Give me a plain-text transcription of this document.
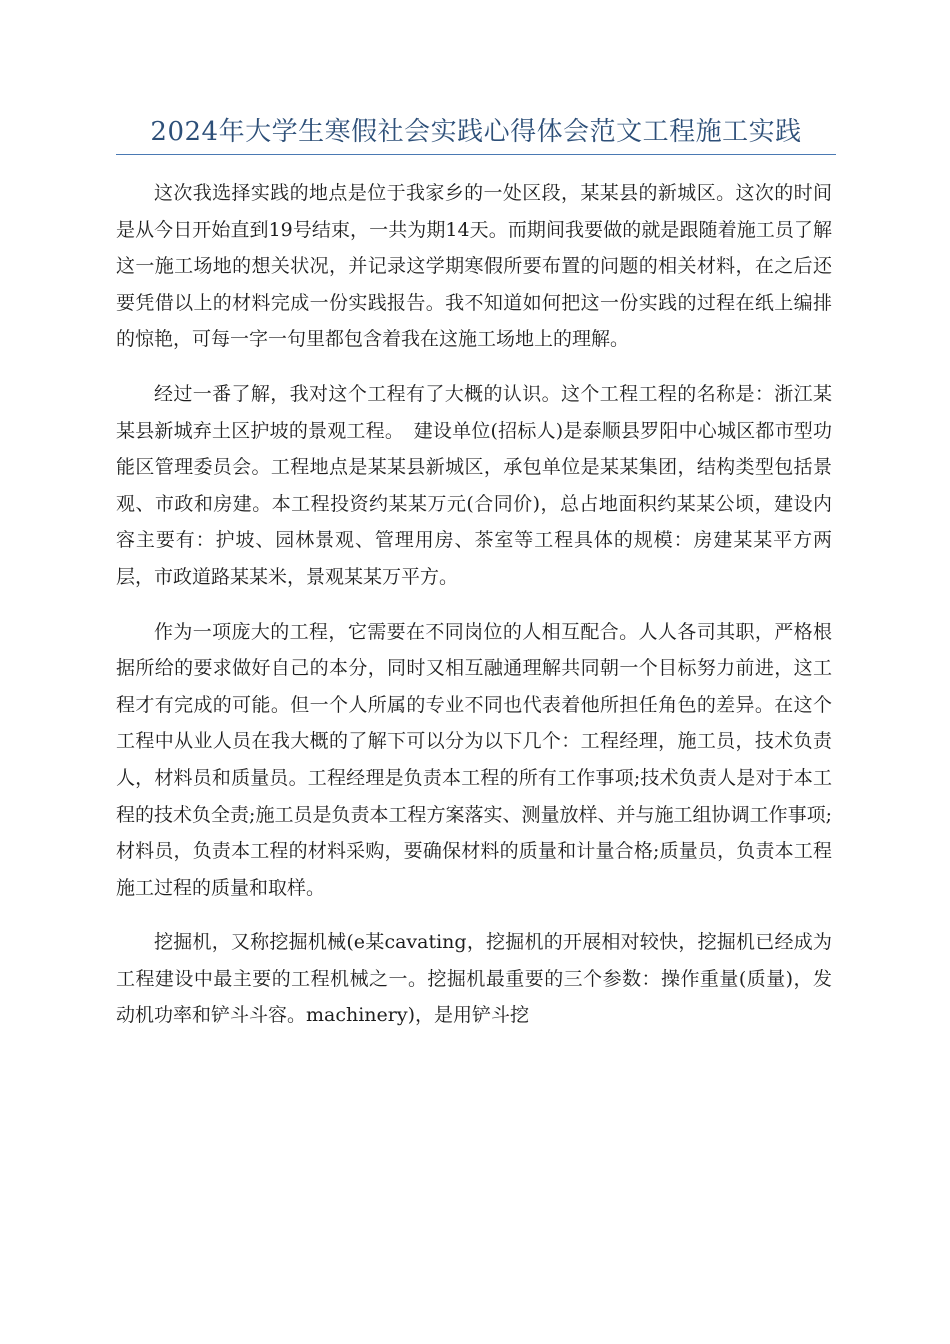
2024年大学生寒假社会实践心得体会范文工程施工实践

这次我选择实践的地点是位于我家乡的一处区段，某某县的新城区。这次的时间是从今日开始直到19号结束，一共为期14天。而期间我要做的就是跟随着施工员了解这一施工场地的想关状况，并记录这学期寒假所要布置的问题的相关材料，在之后还要凭借以上的材料完成一份实践报告。我不知道如何把这一份实践的过程在纸上编排的惊艳，可每一字一句里都包含着我在这施工场地上的理解。

经过一番了解，我对这个工程有了大概的认识。这个工程工程的名称是：浙江某某县新城弃土区护坡的景观工程。　建设单位(招标人)是泰顺县罗阳中心城区都市型功能区管理委员会。工程地点是某某县新城区，承包单位是某某集团，结构类型包括景观、市政和房建。本工程投资约某某万元(合同价)，总占地面积约某某公顷，建设内容主要有：护坡、园林景观、管理用房、茶室等工程具体的规模：房建某某平方两层，市政道路某某米，景观某某万平方。

作为一项庞大的工程，它需要在不同岗位的人相互配合。人人各司其职，严格根据所给的要求做好自己的本分，同时又相互融通理解共同朝一个目标努力前进，这工程才有完成的可能。但一个人所属的专业不同也代表着他所担任角色的差异。在这个工程中从业人员在我大概的了解下可以分为以下几个：工程经理，施工员，技术负责人，材料员和质量员。工程经理是负责本工程的所有工作事项;技术负责人是对于本工程的技术负全责;施工员是负责本工程方案落实、测量放样、并与施工组协调工作事项;材料员，负责本工程的材料采购，要确保材料的质量和计量合格;质量员，负责本工程施工过程的质量和取样。

挖掘机，又称挖掘机械(e某cavating，挖掘机的开展相对较快，挖掘机已经成为工程建设中最主要的工程机械之一。挖掘机最重要的三个参数：操作重量(质量)，发动机功率和铲斗斗容。machinery)，是用铲斗挖
